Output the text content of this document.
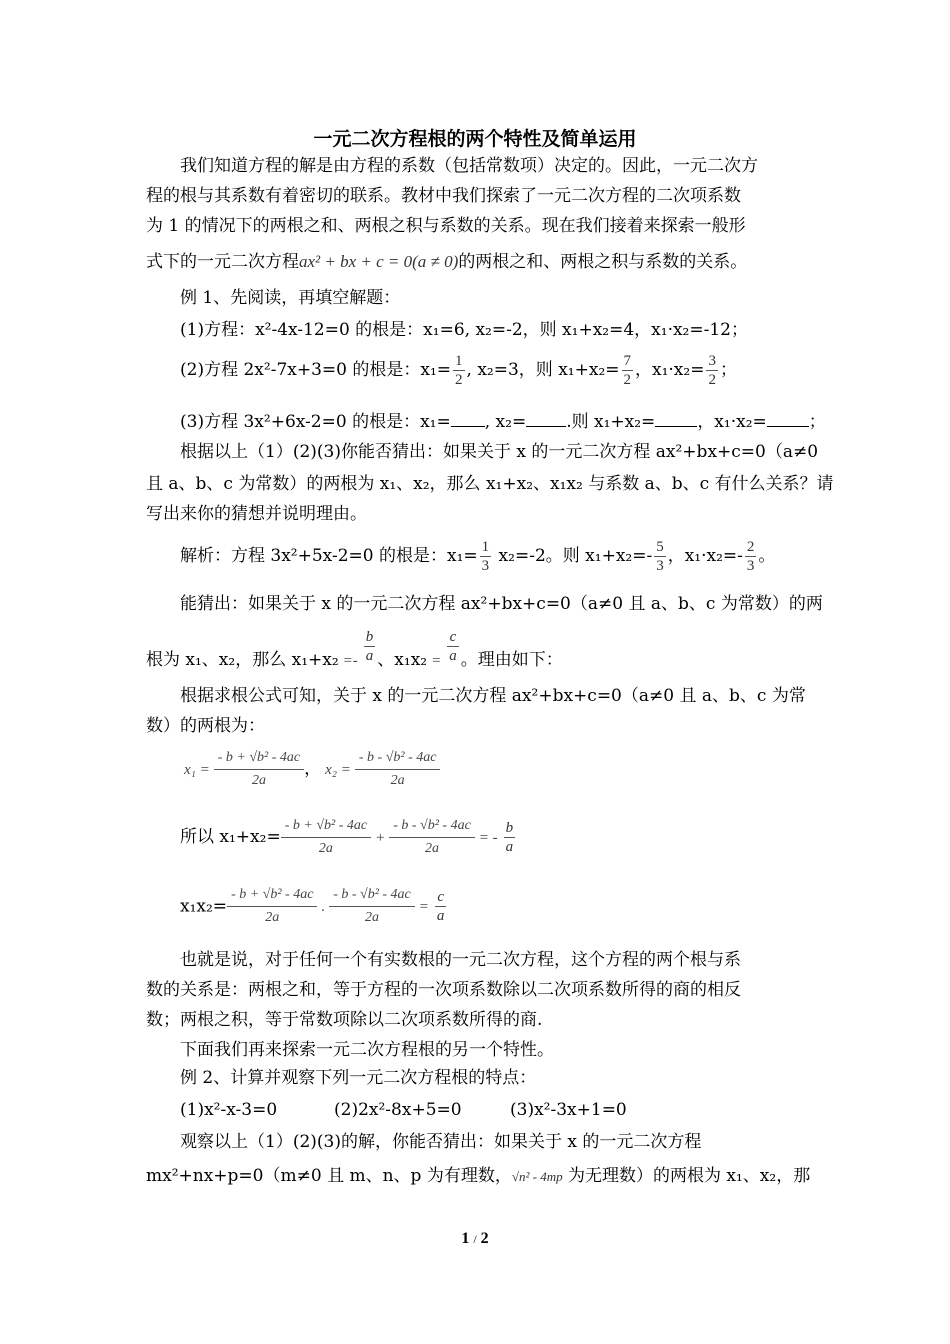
一元二次方程根的两个特性及简单运用
我们知道方程的解是由方程的系数（包括常数项）决定的。因此，一元二次方
程的根与其系数有着密切的联系。教材中我们探索了一元二次方程的二次项系数
为 1 的情况下的两根之和、两根之积与系数的关系。现在我们接着来探索一般形
式下的一元二次方程ax² + bx + c = 0(a ≠ 0)的两根之和、两根之积与系数的关系。
例 1、先阅读，再填空解题：
(1)方程：x²-4x-12=0 的根是：x₁=6, x₂=-2，则 x₁+x₂=4，x₁·x₂=-12；
(2)方程 2x²-7x+3=0 的根是：$x_1= \frac{1}{2}$ , x₂=3，则 $x_1+x_2= \frac{7}{2}$ ，$x_1\cdot x_2= \frac{3}{2}$ ；
(3)方程 3x²+6x-2=0 的根是：x₁= , x₂= .则 x₁+x₂= ，x₁·x₂= ；
根据以上（1）(2)(3)你能否猜出：如果关于 x 的一元二次方程 ax²+bx+c=0（a≠0
且 a、b、c 为常数）的两根为 x₁、x₂，那么 x₁+x₂、x₁x₂ 与系数 a、b、c 有什么关系？请
写出来你的猜想并说明理由。
解析：方程 3x²+5x-2=0 的根是：$x_1= \frac{1}{3} x_2=-2$。则 $x_1+x_2=- \frac{5}{3}$ ，$x_1\cdot x_2=- \frac{2}{3}$ 。
能猜出：如果关于 x 的一元二次方程 ax²+bx+c=0（a≠0 且 a、b、c 为常数）的两
根为 x₁、x₂，那么 $x_1+x_2 =- \frac{b}{a}$ 、$x_1x_2 = \frac{c}{a}$ 。理由如下：
根据求根公式可知，关于 x 的一元二次方程 ax²+bx+c=0（a≠0 且 a、b、c 为常
数）的两根为：
$x_1 = \frac{\text{- b + √b² - 4ac}}{2a}$ ， $x_2 = \frac{\text{- b - √b² - 4ac}}{2a}$
所以 $x_1+x_2= \frac{\text{- b + √b² - 4ac}}{2a} + \frac{\text{- b - √b² - 4ac}}{2a}$ = - $\frac{b}{a}$
$x_1x_2= \frac{\text{- b + √b² - 4ac}}{2a}$ . $\frac{\text{- b - √b² - 4ac}}{2a} = \frac{c}{a}$
也就是说，对于任何一个有实数根的一元二次方程，这个方程的两个根与系
数的关系是：两根之和，等于方程的一次项系数除以二次项系数所得的商的相反
数；两根之积，等于常数项除以二次项系数所得的商.
下面我们再来探索一元二次方程根的另一个特性。
例 2、计算并观察下列一元二次方程根的特点：
(1)x²-x-3=0	(2)2x²-8x+5=0	(3)x²-3x+1=0
观察以上（1）(2)(3)的解，你能否猜出：如果关于 x 的一元二次方程
mx²+nx+p=0（m≠0 且 m、n、p 为有理数，√n² - 4mp 为无理数）的两根为 x₁、x₂，那
1 / 2
